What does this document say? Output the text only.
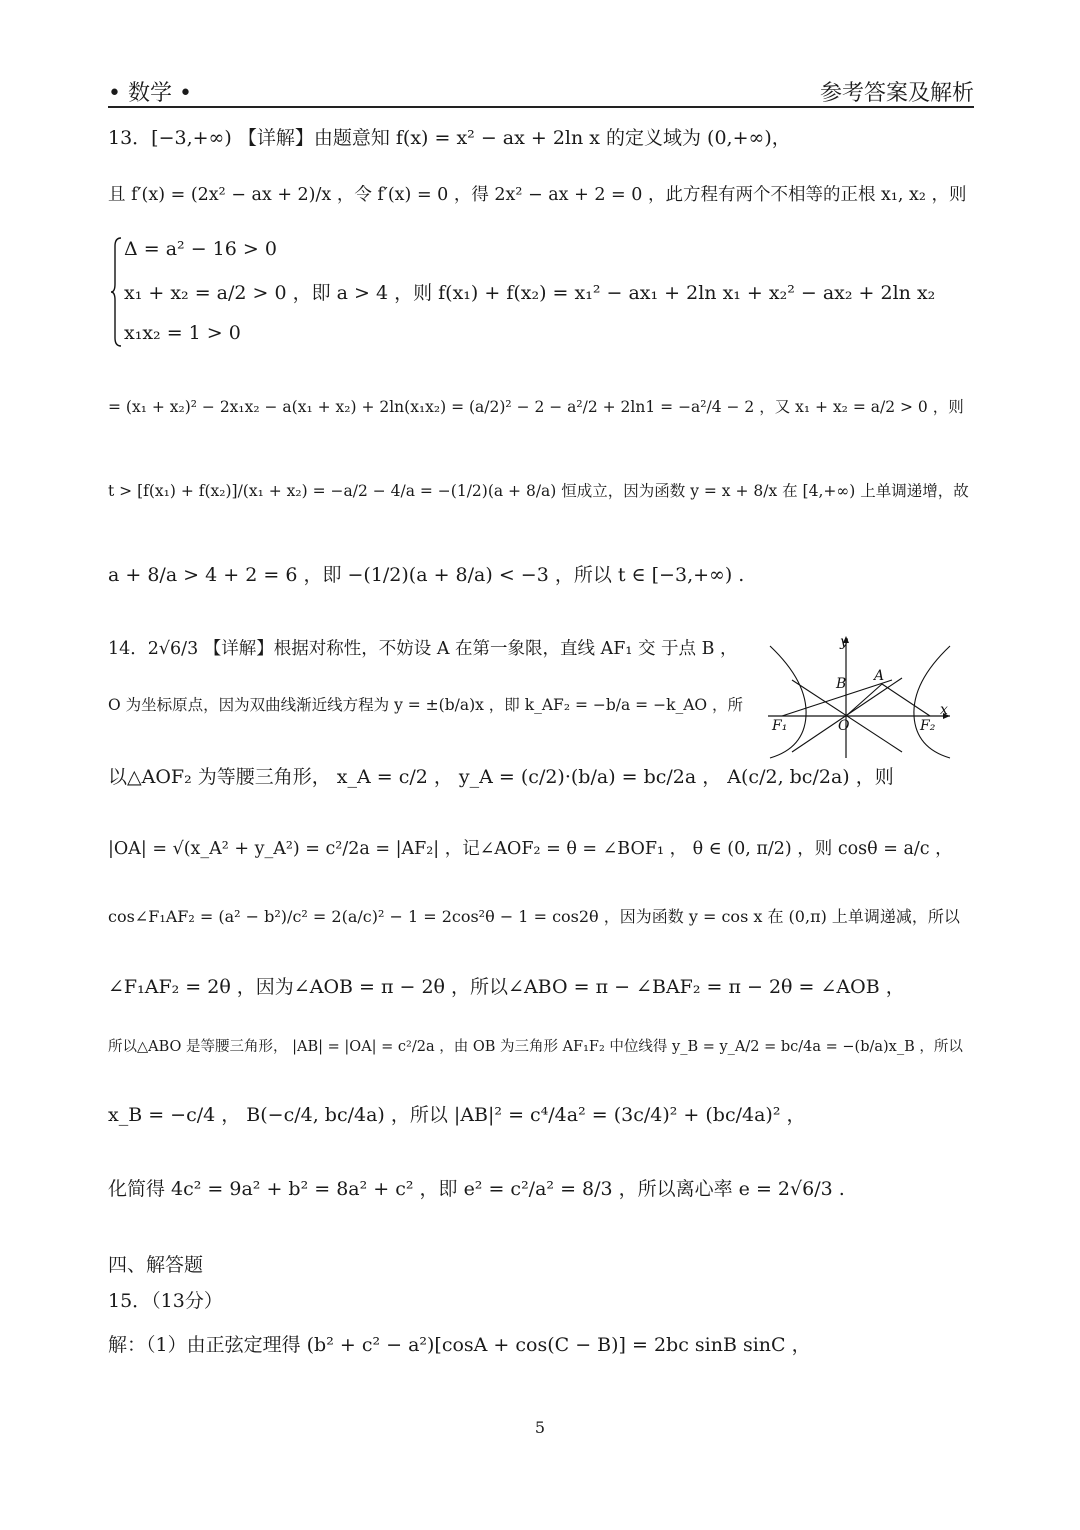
• 数学 •	参考答案及解析
13．[−3,+∞) 【详解】由题意知 f(x) = x² − ax + 2ln x 的定义域为 (0,+∞)，
且 f′(x) = (2x² − ax + 2)/x ，令 f′(x) = 0 ，得 2x² − ax + 2 = 0 ，此方程有两个不相等的正根 x₁, x₂ ，则
Δ = a² − 16 > 0
x₁ + x₂ = a/2 > 0 ，即 a > 4 ，则 f(x₁) + f(x₂) = x₁² − ax₁ + 2ln x₁ + x₂² − ax₂ + 2ln x₂
x₁x₂ = 1 > 0
= (x₁ + x₂)² − 2x₁x₂ − a(x₁ + x₂) + 2ln(x₁x₂) = (a/2)² − 2 − a²/2 + 2ln1 = −a²/4 − 2 ，又 x₁ + x₂ = a/2 > 0 ，则
t > [f(x₁) + f(x₂)]/(x₁ + x₂) = −a/2 − 4/a = −(1/2)(a + 8/a) 恒成立，因为函数 y = x + 8/x 在 [4,+∞) 上单调递增，故
a + 8/a > 4 + 2 = 6 ，即 −(1/2)(a + 8/a) < −3 ，所以 t ∈ [−3,+∞) .
14．2√6/3 【详解】根据对称性，不妨设 A 在第一象限，直线 AF₁ 交 于点 B ，
O 为坐标原点，因为双曲线渐近线方程为 y = ±(b/a)x ，即 k_AF₂ = −b/a = −k_AO ，所
y
x
A
B
O
F₁	F₂
以△AOF₂ 为等腰三角形， x_A = c/2 ， y_A = (c/2)·(b/a) = bc/2a ， A(c/2, bc/2a) ，则
|OA| = √(x_A² + y_A²) = c²/2a = |AF₂| ，记∠AOF₂ = θ = ∠BOF₁ ， θ ∈ (0, π/2) ，则 cosθ = a/c ，
cos∠F₁AF₂ = (a² − b²)/c² = 2(a/c)² − 1 = 2cos²θ − 1 = cos2θ ，因为函数 y = cos x 在 (0,π) 上单调递减，所以
∠F₁AF₂ = 2θ ，因为∠AOB = π − 2θ ，所以∠ABO = π − ∠BAF₂ = π − 2θ = ∠AOB ，
所以△ABO 是等腰三角形， |AB| = |OA| = c²/2a ，由 OB 为三角形 AF₁F₂ 中位线得 y_B = y_A/2 = bc/4a = −(b/a)x_B ，所以
x_B = −c/4 ， B(−c/4, bc/4a) ，所以 |AB|² = c⁴/4a² = (3c/4)² + (bc/4a)² ，
化简得 4c² = 9a² + b² = 8a² + c² ，即 e² = c²/a² = 8/3 ，所以离心率 e = 2√6/3 .
四、解答题
15．（13分）
解：（1）由正弦定理得 (b² + c² − a²)[cosA + cos(C − B)] = 2bc sinB sinC ，
5
